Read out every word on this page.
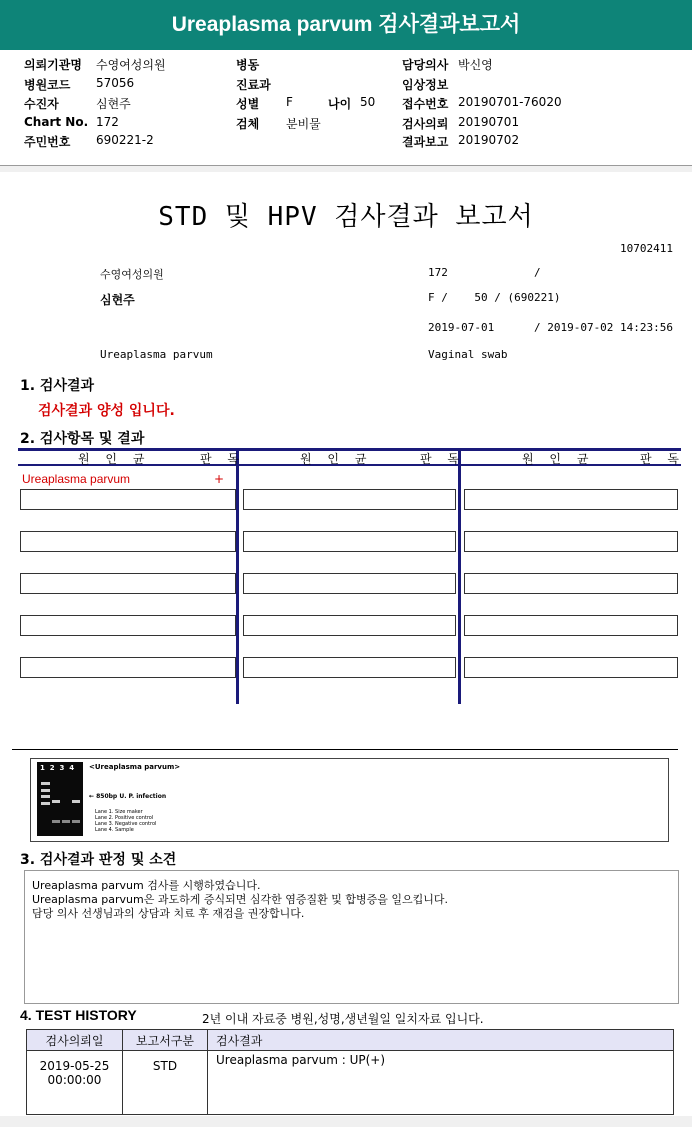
Ureaplasma parvum 검사결과보고서
의뢰기관명 수영여성의원
병원코드 57056
수진자	심현주
Chart No. 172
주민번호 690221-2
병동
진료과
성별 F	나이 50
검체 분비물
담당의사 박신영
임상정보
접수번호 20190701-76020
검사의뢰 20190701
결과보고 20190702
STD 및 HPV 검사결과 보고서
10702411
수영여성의원	172	/
심현주	F /    50 / (690221)
2019-07-01      / 2019-07-02 14:23:56
Ureaplasma parvum	Vaginal swab
1. 검사결과
검사결과 양성 입니다.
2. 검사항목 및 결과
원 인 균	판 독	원 인 균	판 독	원 인 균	판 독
Ureaplasma parvum	+
1  2  3  4 <Ureaplasma parvum>
← 850bp U. P. infection
Lane 1. Size maker
Lane 2. Positive control
Lane 3. Negative control
Lane 4. Sample
3. 검사결과 판정 및 소견
Ureaplasma parvum 검사를 시행하였습니다.
Ureaplasma parvum은 과도하게 증식되면 심각한 염증질환 및 합병증을 일으킵니다.
담당 의사 선생님과의 상담과 치료 후 재검을 권장합니다.
4. TEST HISTORY	2년 이내 자료중 병원,성명,생년월일 일치자료 입니다.
검사의뢰일	보고서구분	검사결과

2019-05-25
00:00:00	STD	Ureaplasma parvum : UP(+)
